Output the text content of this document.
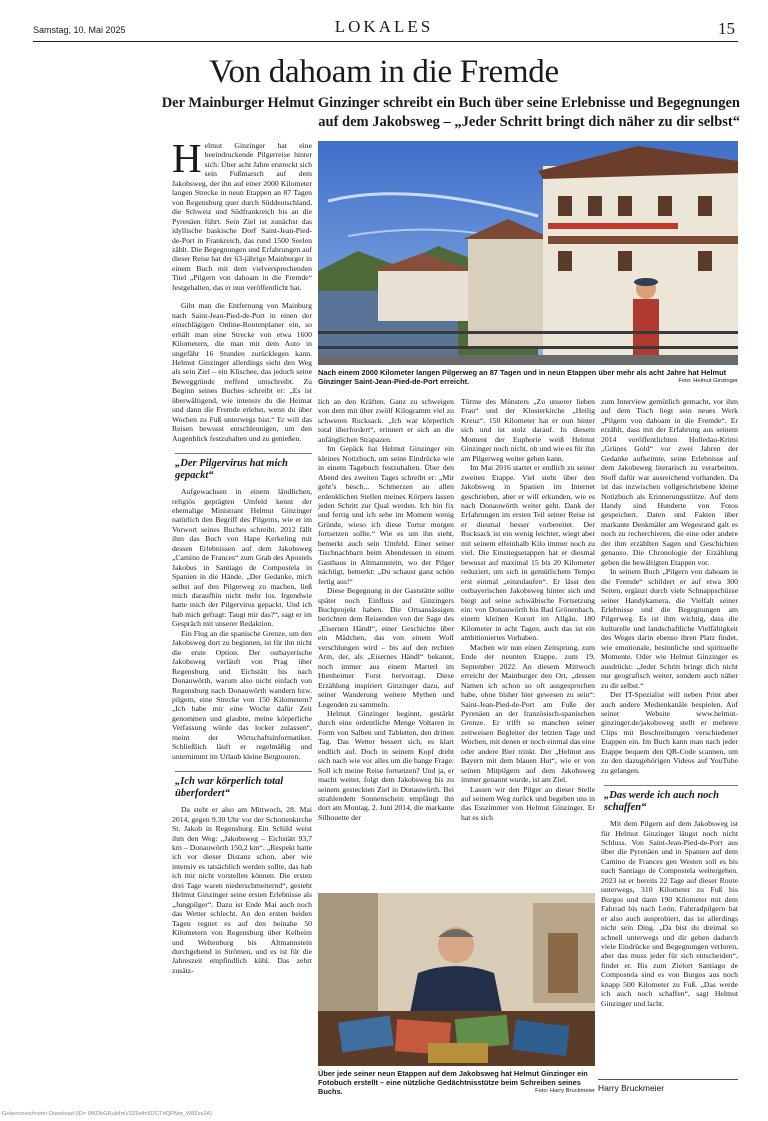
Samstag, 10. Mai 2025	LOKALES	15
Von dahoam in die Fremde
Der Mainburger Helmut Ginzinger schreibt ein Buch über seine Erlebnisse und Begegnungen auf dem Jakobsweg – „Jeder Schritt bringt dich näher zu dir selbst“

Helmut Ginzinger hat eine beeindruckende Pilgerreise hinter sich: Über acht Jahre erstreckt sich sein Fußmarsch auf dem Jakobsweg, der ihn auf einer 2000 Kilometer langen Strecke in neun Etappen an 87 Tagen von Regensburg quer durch Süddeutschland, die Schweiz und Südfrankreich bis an die Pyrenäen führt. Sein Ziel ist zunächst das idyllische baskische Dorf Saint-Jean-Pied-de-Port in Frankreich, das rund 1500 Seelen zählt. Die Begegnungen und Erfahrungen auf dieser Reise hat der 63-jährige Mainburger in einem Buch mit dem vielversprechenden Titel „Pilgern von dahoam in die Fremde“ festgehalten, das er nun veröffentlicht hat.

Gibt man die Entfernung von Mainburg nach Saint-Jean-Pied-de-Port in einen der einschlägigen Online-Routenplaner ein, so erhält man eine Strecke von etwa 1600 Kilometern, die man mit dem Auto in ungefähr 16 Stunden zurücklegen kann. Helmut Ginzinger allerdings sieht den Weg als sein Ziel – ein Klischee, das jedoch seine Beweggründe treffend umschreibt. Zu Beginn seines Buches schreibt er: „Es ist überwältigend, wie intensiv du die Heimat und dann die Fremde erlebst, wenn du über Wochen zu Fuß unterwegs bist.“ Er will das Reisen bewusst entschleunigen, um den Augenblick festzuhalten und zu genießen.

„Der Pilgervirus hat mich gepackt“

Aufgewachsen in einem ländlichen, religiös geprägten Umfeld kennt der ehemalige Ministrant Helmut Ginzinger natürlich den Begriff des Pilgerns, wie er im Vorwort seines Buches schreibt. 2012 fällt ihm das Buch von Hape Kerkeling mit dessen Erlebnissen auf dem Jakobsweg „Camino de Frances“ zum Grab des Apostels Jakobus in Santiago de Compostela in Spanien in die Hände. „Der Gedanke, mich selbst auf den Pilgerweg zu machen, ließ mich daraufhin nicht mehr los. Irgendwie hatte mich der Pilgervirus gepackt. Und ich hab mich gefragt: Taugt mir das?“, sagt er im Gespräch mit unserer Redaktion.

Ein Flug an die spanische Grenze, um den Jakobsweg dort zu beginnen, ist für ihn nicht die erste Option. Der ostbayerische Jakobsweg verläuft von Prag über Regensburg und Eichstätt bis nach Donauwörth, warum also nicht einfach von Regensburg nach Donauwörth wandern bzw. pilgern, eine Strecke von 150 Kilometern? „Ich habe mir eine Woche dafür Zeit genommen und glaubte, meine körperliche Verfassung würde das locker zulassen“, meint der Wirtschaftsinformatiker. Schließlich läuft er regelmäßig und unternimmt im Urlaub kleine Bergtouren.

„Ich war körperlich total überfordert“

Da steht er also am Mittwoch, 28. Mai 2014, gegen 9.30 Uhr vor der Schottenkirche St. Jakob in Regensburg. Ein Schild weist ihm den Weg: „Jakobsweg – Eichstätt 93,7 km – Donauwörth 150,2 km“. „Respekt hatte ich vor dieser Distanz schon, aber wie intensiv es tatsächlich werden sollte, das hab ich mir nicht vorstellen können. Die ersten drei Tage waren niederschmetternd“, gesteht Helmut Ginzinger seine ersten Erlebnisse als „Jungpilger“. Dazu ist Ende Mai auch noch das Wetter schlecht. An den ersten beiden Tagen regnet es auf den beinahe 50 Kilometern von Regensburg über Kelheim und Weltenburg bis Altmannstein durchgehend in Strömen, und es ist für die Jahreszeit empfindlich kühl. Das zehrt zusätz-

Nach einem 2000 Kilometer langen Pilgerweg an 87 Tagen und in neun Etappen über mehr als acht Jahre hat Helmut Ginzinger Saint-Jean-Pied-de-Port erreicht.	Foto: Helmut Ginzinger

lich an den Kräften. Ganz zu schweigen von dem mit über zwölf Kilogramm viel zu schweren Rucksack. „Ich war körperlich total überfordert“, erinnert er sich an die anfänglichen Strapazen.

Im Gepäck hat Helmut Ginzinger ein kleines Notizbuch, um seine Eindrücke wie in einem Tagebuch festzuhalten. Über den Abend des zweiten Tages schreibt er: „Mir geht’s besch... Schmerzen an allen erdenklichen Stellen meines Körpers lassen jeden Schritt zur Qual werden. Ich bin fix und fertig und ich sehe im Moment wenig Gründe, wieso ich diese Tortur morgen fortsetzen sollte.“ Wie es um ihn steht, bemerkt auch sein Umfeld. Einer seiner Tischnachbarn beim Abendessen in einem Gasthaus in Altmannstein, wo der Pilger nächtigt, bemerkt: „Du schaust ganz schön fertig aus!“

Diese Begegnung in der Gaststätte sollte später noch Einfluss auf Ginzingers Buchprojekt haben. Die Ortsansässigen berichten dem Reisenden von der Sage des „Eisernen Händl“, einer Geschichte über ein Mädchen, das von einem Wolf verschlungen wird – bis auf den rechten Arm, der, als „Eisernes Händl“ bekannt, noch immer aus einem Marterl im Hienheimer Forst hervorragt. Diese Erzählung inspiriert Ginzinger dazu, auf seiner Wanderung weitere Mythen und Legenden zu sammeln.

Helmut Ginzinger beginnt, gestärkt durch eine ordentliche Menge Voltaren in Form von Salben und Tabletten, den dritten Tag. Das Wetter bessert sich, es klart endlich auf. Doch in seinem Kopf dreht sich nach wie vor alles um die bange Frage: Soll ich meine Reise fortsetzen? Und ja, er macht weiter, folgt dem Jakobsweg bis zu seinem gesteckten Ziel in Donauwörth. Bei strahlendem Sonnenschein empfängt ihn dort am Montag, 2. Juni 2014, die markante Silhouette der

Türme des Münsters „Zu unserer lieben Frau“ und der Klosterkirche „Heilig Kreuz“. 150 Kilometer hat er nun hinter sich und ist stolz darauf. In diesem Moment der Euphorie weiß Helmut Ginzinger noch nicht, ob und wie es für ihn am Pilgerweg weiter gehen kann.

Im Mai 2016 startet er endlich zu seiner zweiten Etappe. Viel steht über den Jakobsweg in Spanien im Internet geschrieben, aber er will erkunden, wie es nach Donauwörth weiter geht. Dank der Erfahrungen im ersten Teil seiner Reise ist er diesmal besser vorbereitet. Der Rucksack ist ein wenig leichter, wiegt aber mit seinem elfeinhalb Kilo immer noch zu viel. Die Einstiegsetappen hat er diesmal bewusst auf maximal 15 bis 20 Kilometer reduziert, um sich in gemütlichem Tempo erst einmal „einzulaufen“. Er lässt den ostbayerischen Jakobsweg hinter sich und biegt auf seine schwäbische Fortsetzung ein: von Donauwörth bis Bad Grönenbach, einem kleinen Kurort im Allgäu. 180 Kilometer in acht Tagen, auch das ist ein ambitioniertes Vorhaben.

Machen wir nun einen Zeitsprung, zum Ende der neunten Etappe, zum 19. September 2022. An diesem Mittwoch erreicht der Mainburger den Ort, „dessen Namen ich schon so oft ausgesprochen habe, ohne bisher hier gewesen zu sein“: Saint-Jean-Pied-de-Port am Fuße der Pyrenäen an der französisch-spanischen Grenze. Er trifft so manchen seiner zeitweisen Begleiter der letzten Tage und Wochen, mit denen er noch einmal das eine oder andere Bier trinkt. Der „Helmut aus Bayern mit dem blauen Hut“, wie er von seinen Mitpilgern auf dem Jakobsweg immer genannt wurde, ist am Ziel.

Lassen wir den Pilger an dieser Stelle auf seinem Weg zurück und begeben uns in das Esszimmer von Helmut Ginzinger. Er hat es sich

Über jede seiner neun Etappen auf dem Jakobsweg hat Helmut Ginzinger ein Fotobuch erstellt – eine nützliche Gedächtnisstütze beim Schreiben seines Buchs.	Foto: Harry Bruckmeier

zum Interview gemütlich gemacht, vor ihm auf dem Tisch liegt sein neues Werk „Pilgern von dahoam in die Fremde“. Er erzählt, dass mit der Erfahrung aus seinem 2014 veröffentlichten Holledau-Krimi „Grünes Gold“ vor zwei Jahren der Gedanke aufkeimte, seine Erlebnisse auf dem Jakobsweg literarisch zu verarbeiten. Stoff dafür war ausreichend vorhanden. Da ist das inzwischen vollgeschriebene kleine Notizbuch als Erinnerungsstütze. Auf dem Handy sind Hunderte von Fotos gespeichert. Daten und Fakten über markante Denkmäler am Wegesrand galt es noch zu recherchieren, die eine oder andere der ihm erzählten Sagen und Geschichten genauso. Die Chronologie der Erzählung geben die bewältigten Etappen vor.

In seinem Buch „Pilgern von dahoam in die Fremde“ schildert er auf etwa 300 Seiten, ergänzt durch viele Schnappschüsse seiner Handykamera, die Vielfalt seiner Erlebnisse und die Begegnungen am Pilgerweg. Es ist ihm wichtig, dass die kulturelle und landschaftliche Vielfältigkeit des Weges darin ebenso ihren Platz findet, wie emotionale, besinnliche und spirituelle Momente. Oder wie Helmut Ginzinger es ausdrückt: „Jeder Schritt bringt dich nicht nur geografisch weiter, sondern auch näher zu dir selbst.“

Der IT-Spezialist will neben Print aber auch andere Medienkanäle bespielen. Auf seiner Website www.helmut-ginzinger.de/jakobsweg stellt er mehrere Clips mit Beschreibungen verschiedener Etappen ein. Im Buch kann man nach jeder Etappe bequem den QR-Code scannen, um zu den dazugehörigen Videos auf YouTube zu gelangen.

„Das werde ich auch noch schaffen“

Mit dem Pilgern auf dem Jakobsweg ist für Helmut Ginzinger längst noch nicht Schluss. Von Saint-Jean-Pied-de-Port aus über die Pyrenäen und in Spanien auf dem Camino de Frances gen Westen soll es bis nach Santiago de Compostela weitergehen. 2023 ist er bereits 22 Tage auf dieser Route unterwegs, 310 Kilometer zu Fuß bis Burgos und dann 190 Kilometer mit dem Fahrrad bis nach León. Fahrradpilgern hat er also auch ausprobiert, das ist allerdings nicht sein Ding. „Da bist du dreimal so schnell unterwegs und dir gehen dadurch viele Eindrücke und Begegnungen verloren, aber das muss jeder für sich entscheiden“, findet er. Bis zum Zielort Santiago de Compostela sind es von Burgos aus noch knapp 500 Kilometer zu Fuß. „Das werde ich auch noch schaffen“, sagt Helmut Ginzinger und lacht.

Harry Bruckmeier
Gekennzeichneter Download (ID= 6fKDbGRuktImV2Z6eltn5l7CTdQPNnr_W8Zsx2A)
